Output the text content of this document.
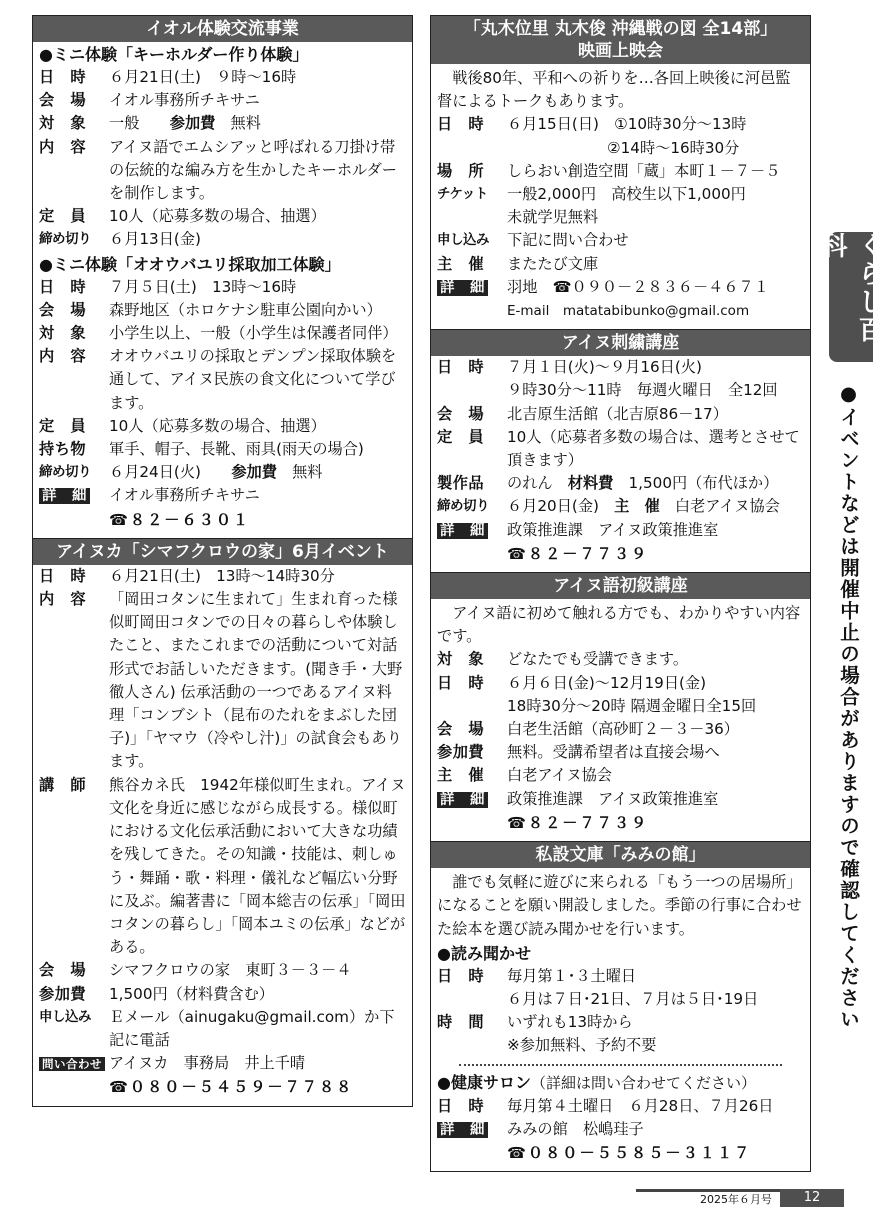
イオル体験交流事業
●ミニ体験「キーホルダー作り体験」
日　時	６月21日(土)　９時～16時
会　場	イオル事務所チキサニ
対　象	一般　　 参加費　 無料
内　容	アイヌ語でエムシアッと呼ばれる刀掛け帯の伝統的な編み方を生かしたキーホルダーを制作します。
定　員	10人（応募多数の場合、抽選）
締め切り	６月13日(金)
●ミニ体験「オオウバユリ採取加工体験」
日　時	７月５日(土)　13時～16時
会　場	森野地区（ホロケナシ駐車公園向かい）
対　象	小学生以上、一般（小学生は保護者同伴）
内　容	オオウバユリの採取とデンプン採取体験を通して、アイヌ民族の食文化について学びます。
定　員	10人（応募多数の場合、抽選）
持ち物	軍手、帽子、長靴、雨具(雨天の場合)
締め切り	６月24日(火)　　 参加費　 無料
詳　細	イオル事務所チキサニ
☎８２－６３０１
アイヌカ「シマフクロウの家」6月イベント
日　時	６月21日(土)　13時～14時30分
内　容	「岡田コタンに生まれて」生まれ育った様似町岡田コタンでの日々の暮らしや体験したこと、またこれまでの活動について対話形式でお話しいただきます。(聞き手・大野徹人さん) 伝承活動の一つであるアイヌ料理「コンブシト（昆布のたれをまぶした団子)」「ヤマウ（冷やし汁)」の試食会もあります。
講　師	熊谷カネ氏　1942年様似町生まれ。アイヌ文化を身近に感じながら成長する。様似町における文化伝承活動において大きな功績を残してきた。その知識・技能は、刺しゅう・舞踊・歌・料理・儀礼など幅広い分野に及ぶ。編著書に「岡本総吉の伝承」「岡田コタンの暮らし」「岡本ユミの伝承」などがある。
会　場	シマフクロウの家　東町３－３－４
参加費	1,500円（材料費含む）
申し込み	Ｅメール（ainugaku@gmail.com）か下記に電話
問い合わせ アイヌカ　事務局　井上千晴
☎０８０－５４５９－７７８８
「丸木位里 丸木俊 沖縄戦の図 全14部」
映画上映会
戦後80年、平和への祈りを…各回上映後に河邑監督によるトークもあります。
日　時	６月15日(日)　①10時30分～13時
②14時～16時30分
場　所	しらおい創造空間「蔵」本町１－７－５
チケット	一般2,000円　高校生以下1,000円
未就学児無料
申し込み	下記に問い合わせ
主　催	またたび文庫
詳　細	羽地　☎０９０－２８３６－４６７１
E-mail　matatabibunko@gmail.com
アイヌ刺繍講座
日　時	７月１日(火)～９月16日(火)
９時30分～11時　毎週火曜日　全12回
会　場	北吉原生活館（北吉原86－17）
定　員	10人（応募者多数の場合は、選考とさせて頂きます）
製作品	のれん　 材料費　 1,500円（布代ほか）
締め切り	６月20日(金)　 主　催　 白老アイヌ協会
詳　細	政策推進課　アイヌ政策推進室
☎８２－７７３９
アイヌ語初級講座
アイヌ語に初めて触れる方でも、わかりやすい内容です。
対　象	どなたでも受講できます。
日　時	６月６日(金)～12月19日(金)
18時30分～20時 隔週金曜日全15回
会　場	白老生活館（高砂町２－３－36）
参加費	無料。受講希望者は直接会場へ
主　催	白老アイヌ協会
詳　細	政策推進課　アイヌ政策推進室
☎８２－７７３９
私設文庫「みみの館」
誰でも気軽に遊びに来られる「もう一つの居場所」になることを願い開設しました。季節の行事に合わせた絵本を選び読み聞かせを行います。
●読み聞かせ
日　時	毎月第１･３土曜日
６月は７日･21日、７月は５日･19日
時　間	いずれも13時から
※参加無料、予約不要
●健康サロン（詳細は問い合わせてください）
日　時	毎月第４土曜日　６月28日、７月26日
詳　細	みみの館　松嶋珪子
☎０８０－５５８５－３１１７
くらし百科
●イベントなどは開催中止の場合がありますので確認してください
2025年６月号	12
